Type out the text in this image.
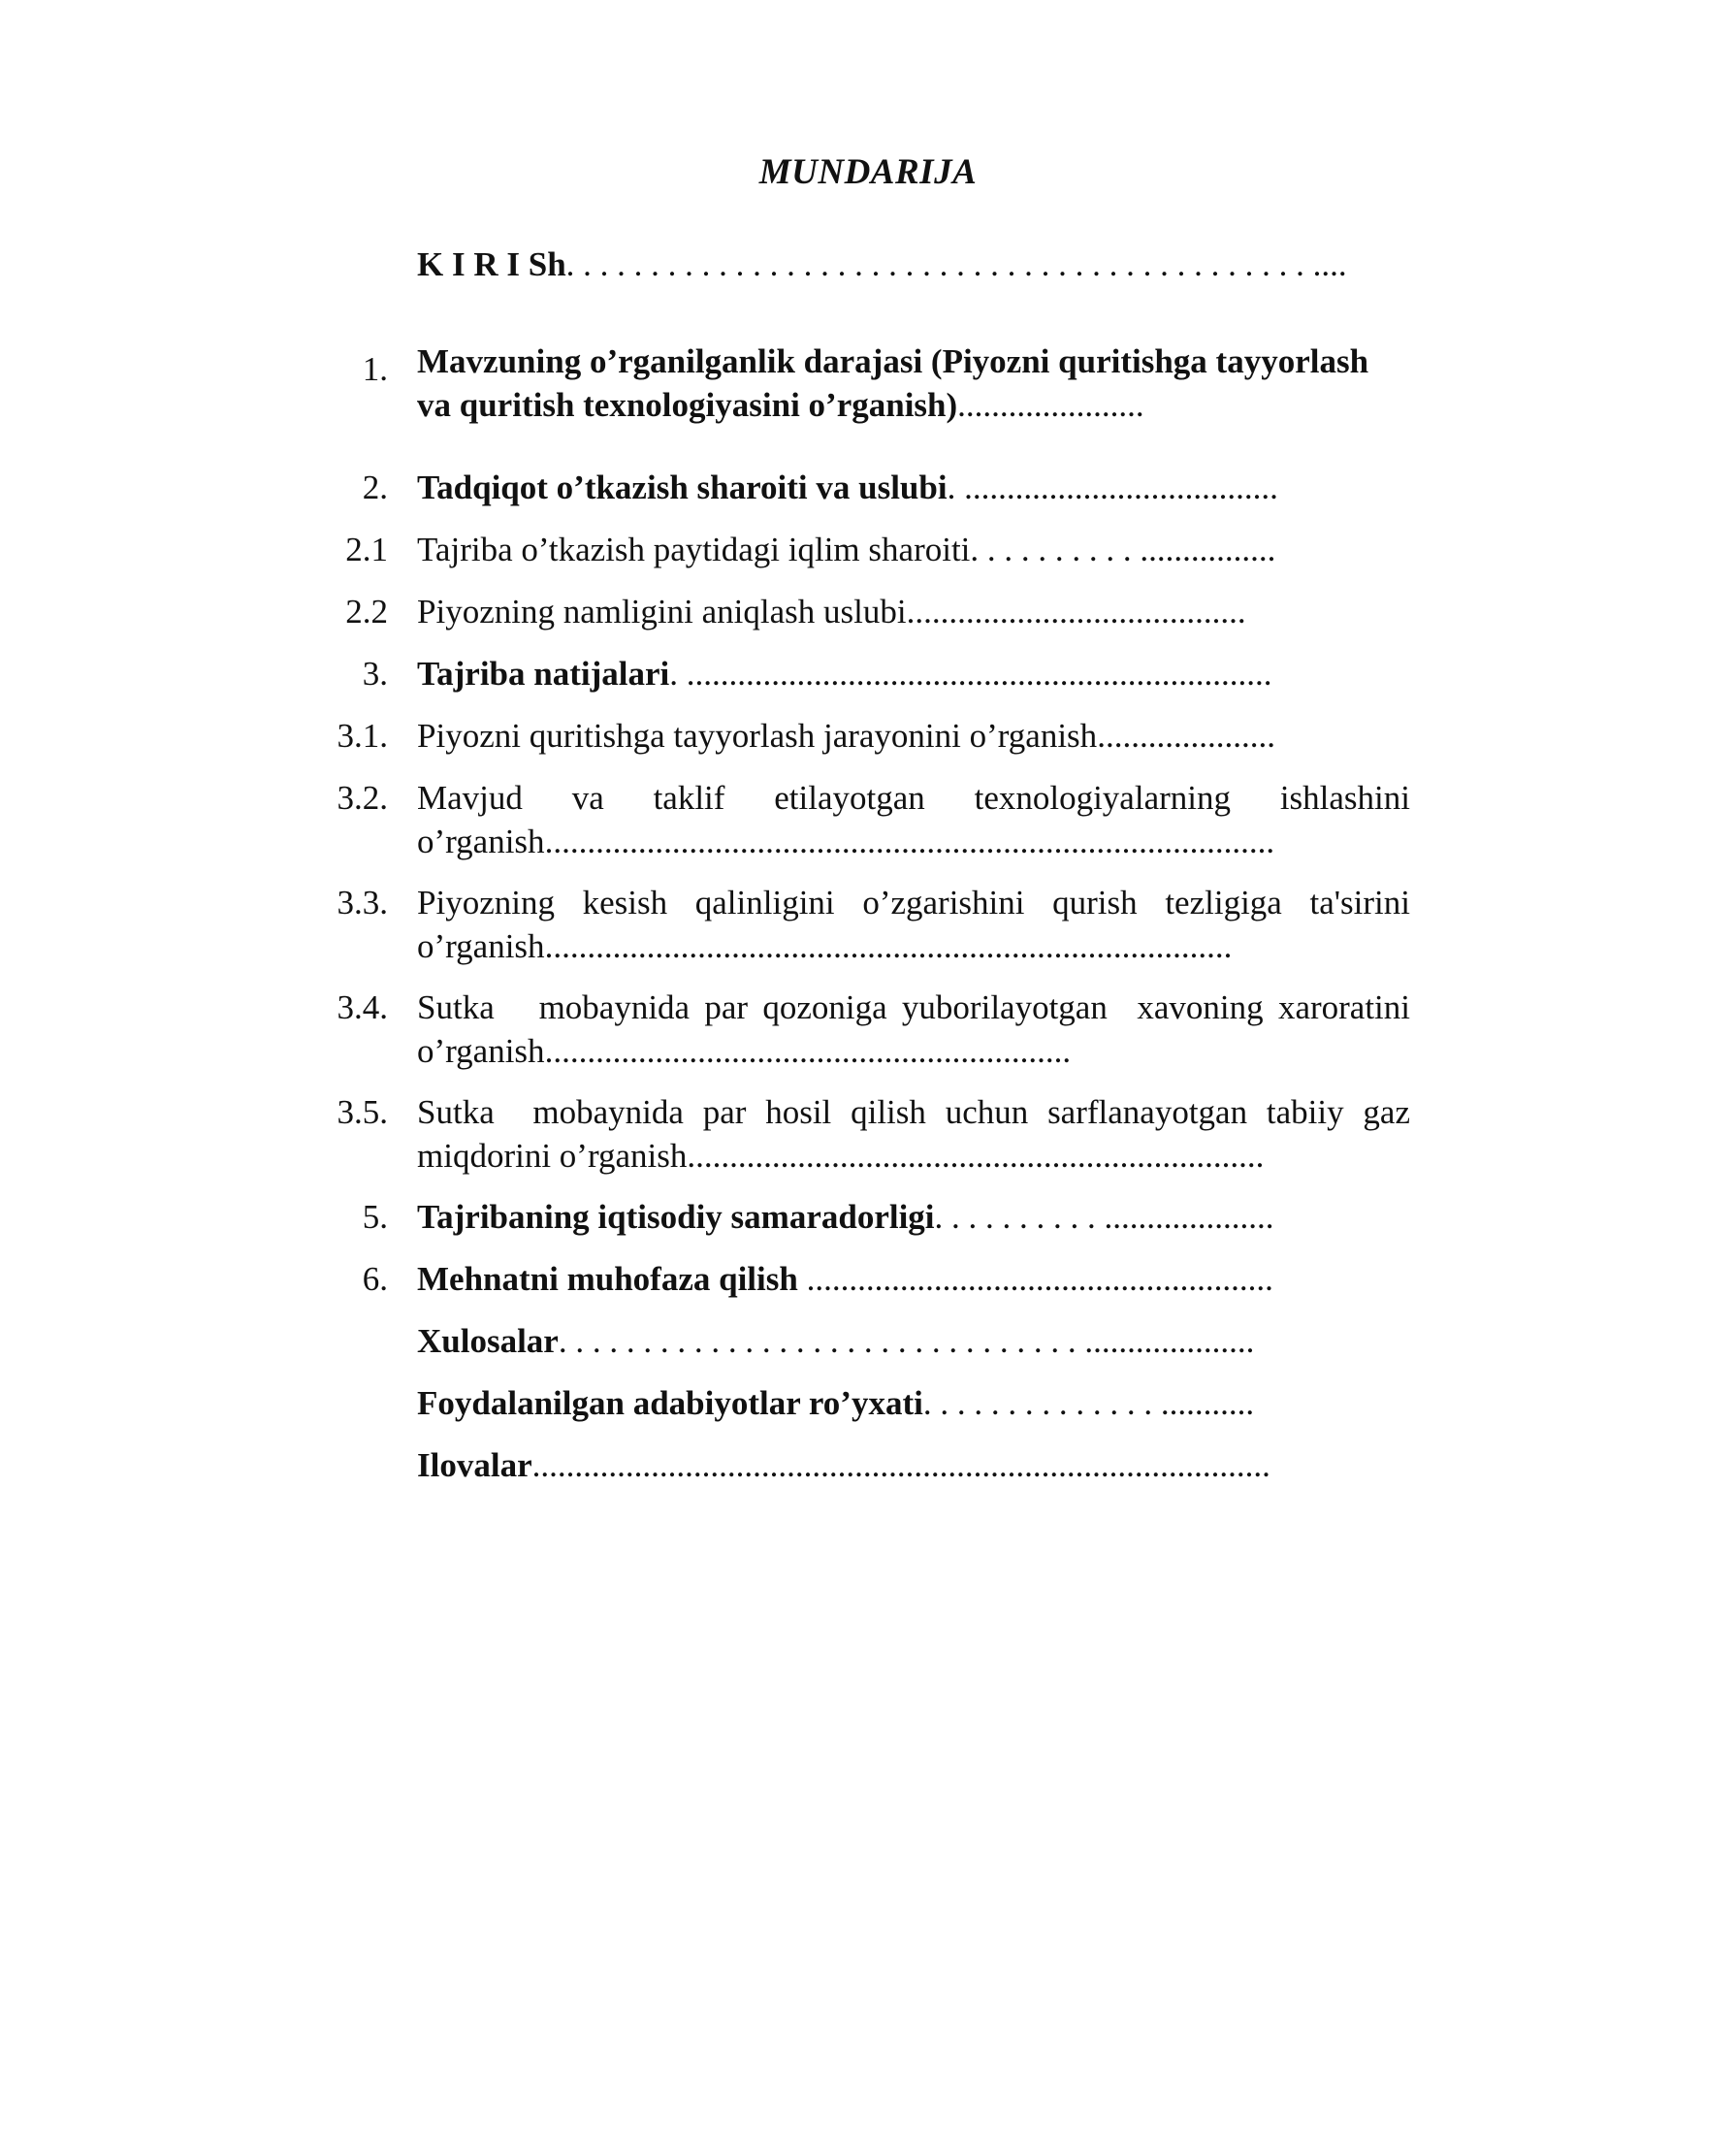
MUNDARIJA
K I R I Sh. . . . . . . . . . . . . . . . . . . . . . . . . . . . . . . . . . . . . . . . . . . . ....
1. Mavzuning o’rganilganlik darajasi (Piyozni quritishga tayyorlash va quritish texnologiyasini o’rganish)......................
2. Tadqiqot o’tkazish sharoiti va uslubi. .....................................
2.1 Tajriba o’tkazish paytidagi iqlim sharoiti. . . . . . . . . . ................
2.2 Piyozning namligini aniqlash uslubi........................................
3. Tajriba natijalari. .....................................................................
3.1. Piyozni quritishga tayyorlash jarayonini o’rganish.....................
3.2. Mavjud va taklif etilayotgan texnologiyalarning ishlashini o’rganish......................................................................................
3.3. Piyozning kesish qalinligini o’zgarishini qurish tezligiga ta'sirini o’rganish.................................................................................
3.4. Sutka   mobaynida par qozoniga yuborilayotgan  xavoning xaroratini o’rganish..............................................................
3.5. Sutka  mobaynida par hosil qilish uchun sarflanayotgan tabiiy gaz miqdorini o’rganish....................................................................
5. Tajribaning iqtisodiy samaradorligi. . . . . . . . . . ....................
6. Mehnatni muhofaza qilish .......................................................
Xulosalar. . . . . . . . . . . . . . . . . . . . . . . . . . . . . . . ....................
Foydalanilgan adabiyotlar ro’yxati. . . . . . . . . . . . . . ...........
Ilovalar.......................................................................................
